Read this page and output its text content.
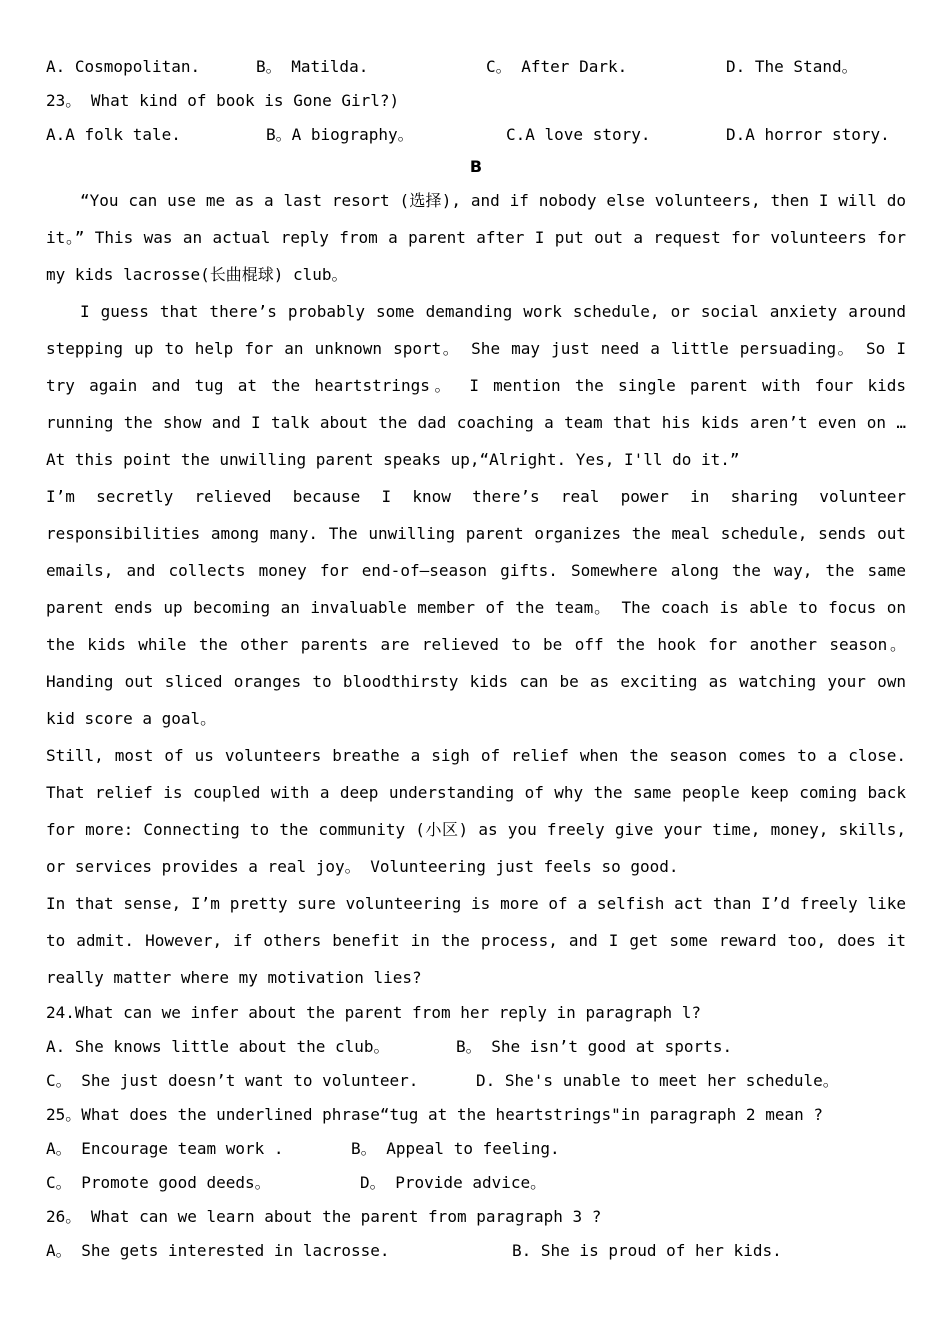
A. Cosmopolitan.	B。 Matilda.	C。 After Dark.	D. The Stand。
23。 What kind of book is Gone Girl?)
A.A folk tale.	B。A biography。	C.A love story.	D.A horror story.
B
“You can use me as a last resort (选择), and if nobody else volunteers, then I will do it。” This was an actual reply from a parent after I put out a request for volunteers for my kids lacrosse(长曲棍球) club。
I guess that there’s probably some demanding work schedule, or social anxiety around stepping up to help for an unknown sport。 She may just need a little persuading。 So I try again and tug at the heartstrings。 I mention the single parent with four kids running the show and I talk about the dad coaching a team that his kids aren’t even on … At this point the unwilling parent speaks up,“Alright. Yes, I'll do it.”
I’m secretly relieved because I know there’s real power in sharing volunteer responsibilities among many. The unwilling parent organizes the meal schedule, sends out emails, and collects money for end-of—season gifts. Somewhere along the way, the same parent ends up becoming an invaluable member of the team。 The coach is able to focus on the kids while the other parents are relieved to be off the hook for another season。 Handing out sliced oranges to bloodthirsty kids can be as exciting as watching your own kid score a goal。
Still, most of us volunteers breathe a sigh of relief when the season comes to a close. That relief is coupled with a deep understanding of why the same people keep coming back for more: Connecting to the community (小区) as you freely give your time, money, skills, or services provides a real joy。 Volunteering just feels so good.
In that sense, I’m pretty sure volunteering is more of a selfish act than I’d freely like to admit. However, if others benefit in the process, and I get some reward too, does it really matter where my motivation lies?
24.What can we infer about the parent from her reply in paragraph l?
A. She knows little about the club。	B。 She isn’t good at sports.
C。 She just doesn’t want to volunteer.	D. She's unable to meet her schedule。
25。What does the underlined phrase“tug at the heartstrings"in paragraph 2 mean ?
A。 Encourage team work .	B。 Appeal to feeling.
C。 Promote good deeds。	D。 Provide advice。
26。 What can we learn about the parent from paragraph 3 ?
A。 She gets interested in lacrosse.	B. She is proud of her kids.
